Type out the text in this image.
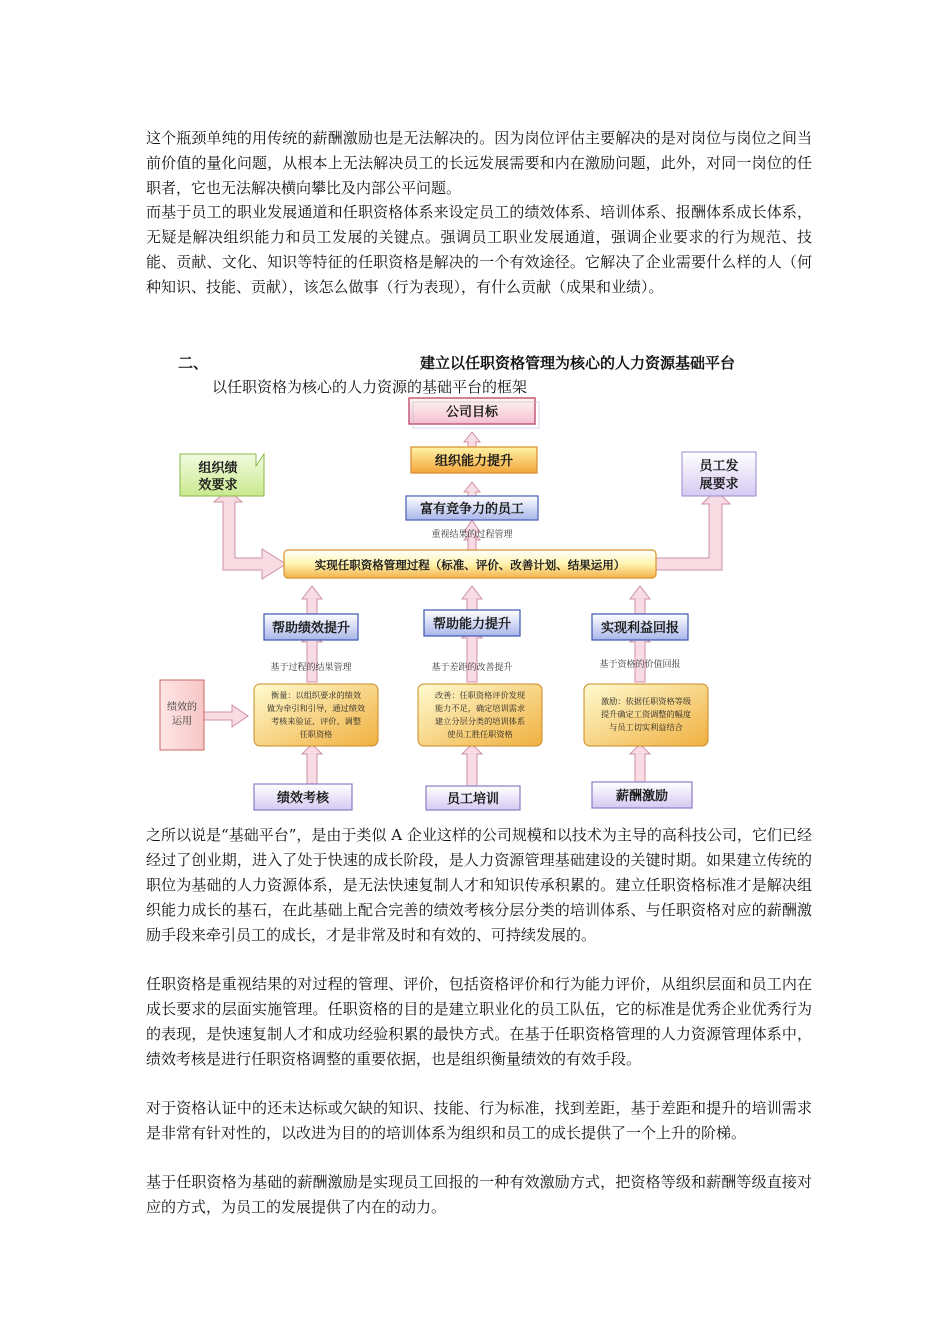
这个瓶颈单纯的用传统的薪酬激励也是无法解决的。因为岗位评估主要解决的是对岗位与岗位之间当前价值的量化问题，从根本上无法解决员工的长远发展需要和内在激励问题，此外，对同一岗位的任职者，它也无法解决横向攀比及内部公平问题。

而基于员工的职业发展通道和任职资格体系来设定员工的绩效体系、培训体系、报酬体系成长体系，无疑是解决组织能力和员工发展的关键点。强调员工职业发展通道，强调企业要求的行为规范、技能、贡献、文化、知识等特征的任职资格是解决的一个有效途径。它解决了企业需要什么样的人（何种知识、技能、贡献），该怎么做事（行为表现），有什么贡献（成果和业绩）。

二、	建立以任职资格管理为核心的人力资源基础平台
以任职资格为核心的人力资源的基础平台的框架
公司目标
组织能力提升
富有竞争力的员工
重视结果的过程管理
组织绩
效要求
员工发
展要求
实现任职资格管理过程（标准、评价、改善计划、结果运用）
帮助绩效提升	帮助能力提升	实现利益回报
基于过程的结果管理	基于差距的改善提升	基于资格的价值回报
绩效的
运用
衡量：以组织要求的绩效
做为牵引和引导，通过绩效
考核来验证、评价、调整
任职资格
改善：任职资格评价发现
能力不足，确定培训需求
建立分层分类的培训体系
使员工胜任职资格
激励：依据任职资格等级
提升确定工资调整的幅度
与员工切实利益结合
绩效考核	员工培训	薪酬激励

之所以说是“基础平台”，是由于类似 A 企业这样的公司规模和以技术为主导的高科技公司，它们已经经过了创业期，进入了处于快速的成长阶段，是人力资源管理基础建设的关键时期。如果建立传统的职位为基础的人力资源体系，是无法快速复制人才和知识传承积累的。建立任职资格标准才是解决组织能力成长的基石，在此基础上配合完善的绩效考核分层分类的培训体系、与任职资格对应的薪酬激励手段来牵引员工的成长，才是非常及时和有效的、可持续发展的。

任职资格是重视结果的对过程的管理、评价，包括资格评价和行为能力评价，从组织层面和员工内在成长要求的层面实施管理。任职资格的目的是建立职业化的员工队伍，它的标准是优秀企业优秀行为的表现，是快速复制人才和成功经验积累的最快方式。在基于任职资格管理的人力资源管理体系中，绩效考核是进行任职资格调整的重要依据，也是组织衡量绩效的有效手段。

对于资格认证中的还未达标或欠缺的知识、技能、行为标准，找到差距，基于差距和提升的培训需求是非常有针对性的，以改进为目的的培训体系为组织和员工的成长提供了一个上升的阶梯。

基于任职资格为基础的薪酬激励是实现员工回报的一种有效激励方式，把资格等级和薪酬等级直接对应的方式，为员工的发展提供了内在的动力。
